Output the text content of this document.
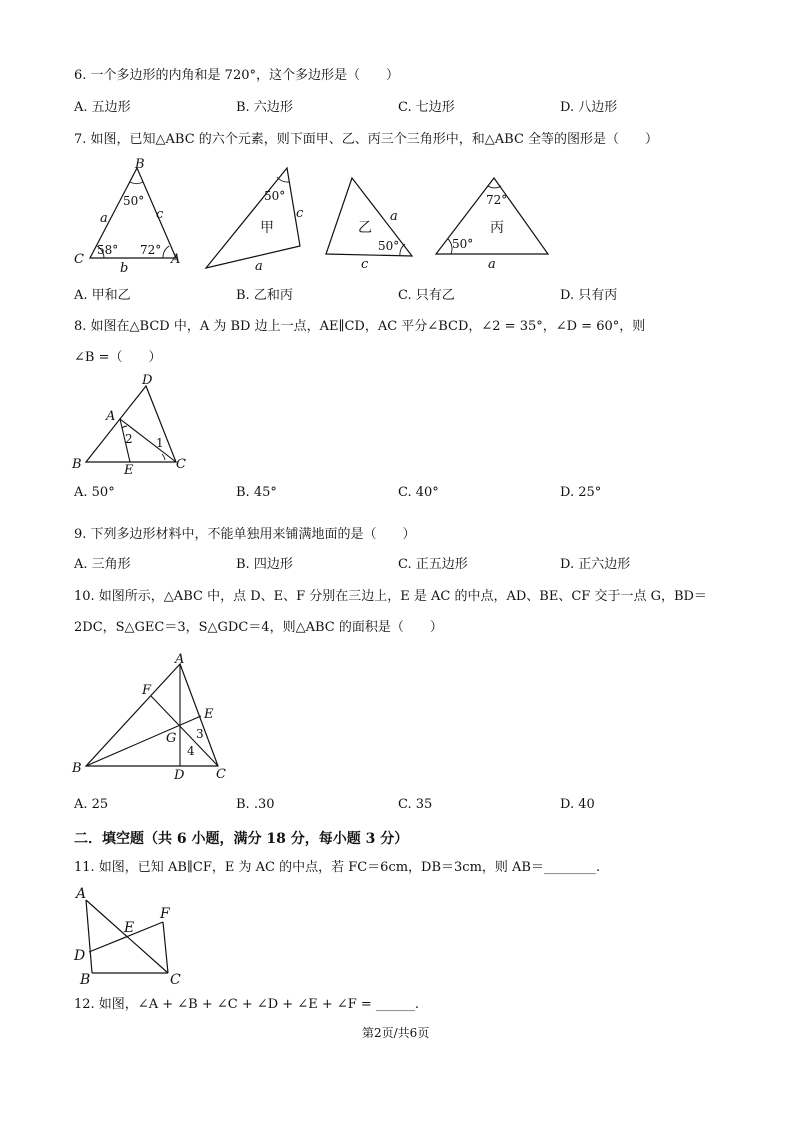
6. 一个多边形的内角和是 720°，这个多边形是（　　）
A. 五边形	B. 六边形	C. 七边形	D. 八边形
7. 如图，已知△ABC 的六个元素，则下面甲、乙、丙三个三角形中，和△ABC 全等的图形是（　　）
B
C	A
a
b
c
50°
58° 72°
50°
甲
c
a
乙
a
50°
c
72°
丙
50°
a
A. 甲和乙	B. 乙和丙	C. 只有乙	D. 只有丙
8. 如图在△BCD 中，A 为 BD 边上一点，AE∥CD，AC 平分∠BCD，∠2 = 35°，∠D = 60°，则
∠B =（　　）
D
A
B	E	C
1
2
A. 50°	B. 45°	C. 40°	D. 25°
9. 下列多边形材料中，不能单独用来铺满地面的是（　　）
A. 三角形	B. 四边形	C. 正五边形	D. 正六边形
10. 如图所示，△ABC 中，点 D、E、F 分别在三边上，E 是 AC 的中点，AD、BE、CF 交于一点 G，BD＝
2DC，S△GEC＝3，S△GDC＝4，则△ABC 的面积是（　　）
A
F
E
G
B	D C
3
4
A. 25	B. .30	C. 35	D. 40
二．填空题（共 6 小题，满分 18 分，每小题 3 分）
11. 如图，已知 AB∥CF，E 为 AC 的中点，若 FC＝6cm，DB＝3cm，则 AB＝________.
A
E
F
D
B	C
12. 如图，∠A + ∠B + ∠C + ∠D + ∠E + ∠F = ______.
第2页/共6页
